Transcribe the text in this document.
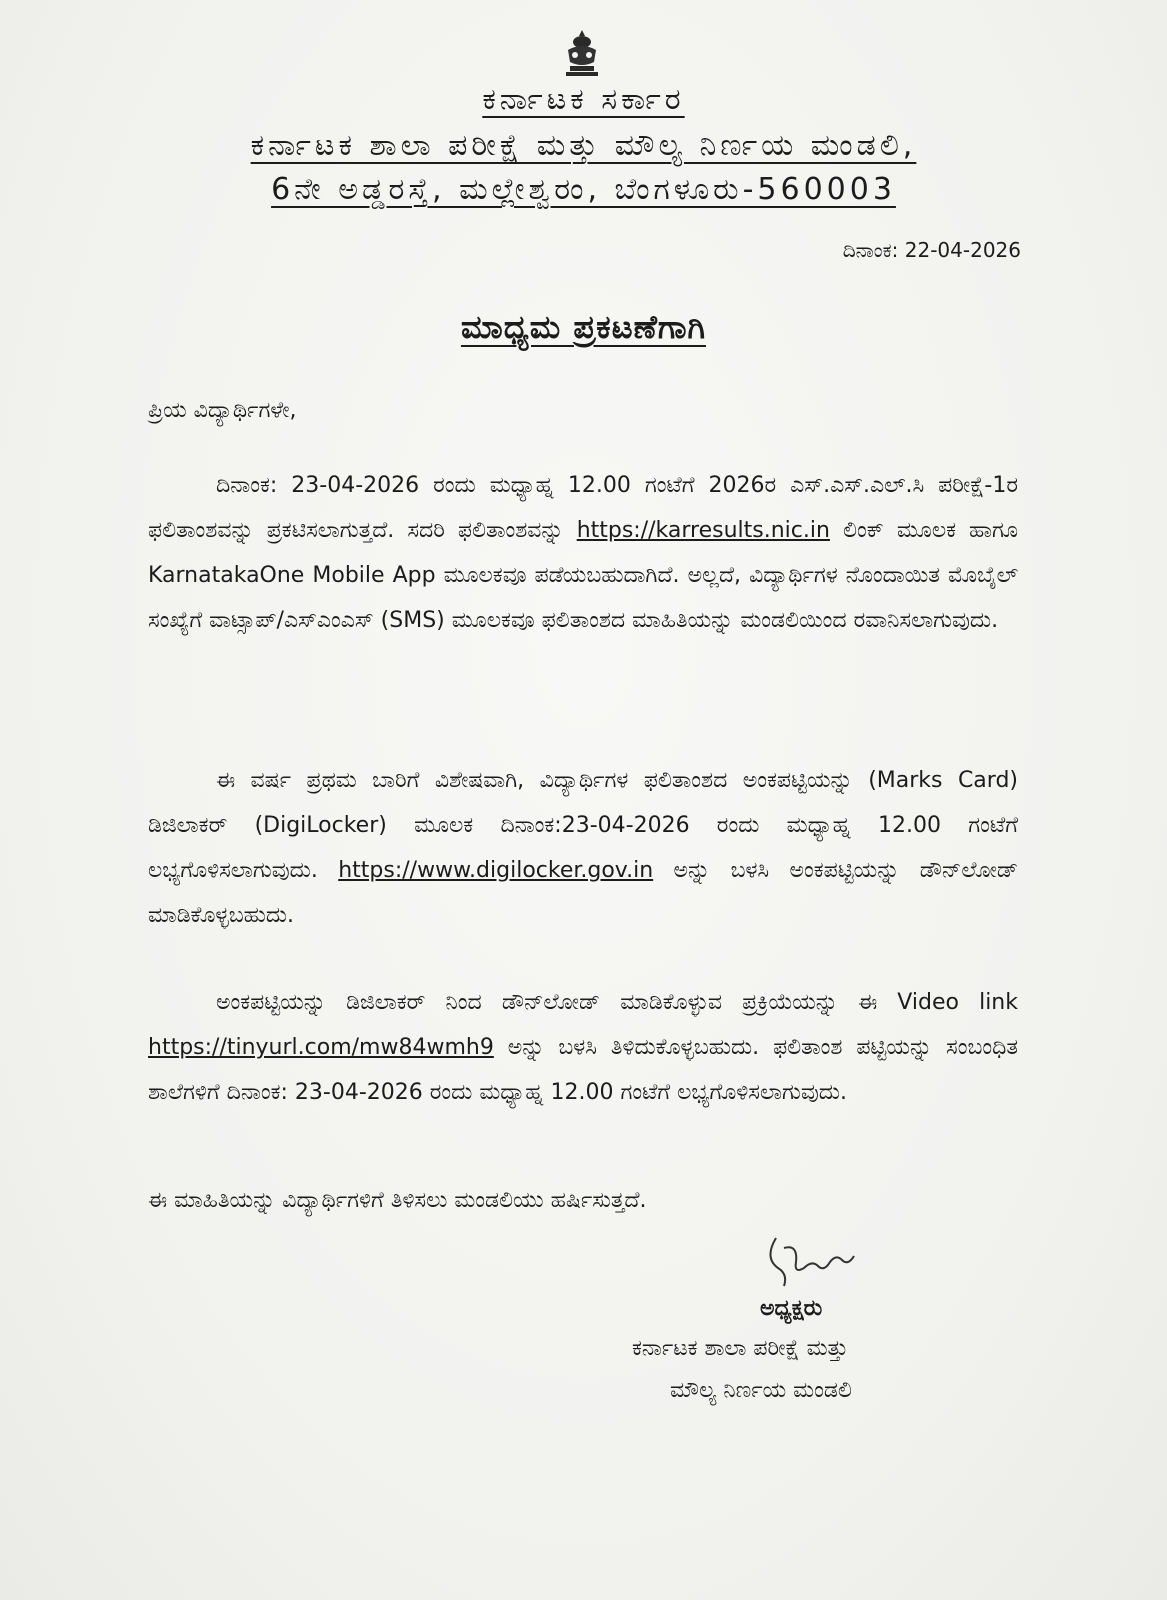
ಕರ್ನಾಟಕ ಸರ್ಕಾರ
ಕರ್ನಾಟಕ ಶಾಲಾ ಪರೀಕ್ಷೆ ಮತ್ತು ಮೌಲ್ಯ ನಿರ್ಣಯ ಮಂಡಲಿ,
6ನೇ ಅಡ್ಡರಸ್ತೆ, ಮಲ್ಲೇಶ್ವರಂ, ಬೆಂಗಳೂರು-560003
ದಿನಾಂಕ: 22-04-2026
ಮಾಧ್ಯಮ ಪ್ರಕಟಣೆಗಾಗಿ
ಪ್ರಿಯ ವಿದ್ಯಾರ್ಥಿಗಳೇ,

ದಿನಾಂಕ: 23-04-2026 ರಂದು ಮಧ್ಯಾಹ್ನ 12.00 ಗಂಟೆಗೆ 2026ರ ಎಸ್.ಎಸ್.ಎಲ್.ಸಿ ಪರೀಕ್ಷೆ-1ರ ಫಲಿತಾಂಶವನ್ನು ಪ್ರಕಟಿಸಲಾಗುತ್ತದೆ. ಸದರಿ ಫಲಿತಾಂಶವನ್ನು https://karresults.nic.in ಲಿಂಕ್ ಮೂಲಕ ಹಾಗೂ KarnatakaOne Mobile App ಮೂಲಕವೂ ಪಡೆಯಬಹುದಾಗಿದೆ. ಅಲ್ಲದೆ, ವಿದ್ಯಾರ್ಥಿಗಳ ನೊಂದಾಯಿತ ಮೊಬೈಲ್ ಸಂಖ್ಯೆಗೆ ವಾಟ್ಸಾಪ್/ಎಸ್‌ಎಂಎಸ್ (SMS) ಮೂಲಕವೂ ಫಲಿತಾಂಶದ ಮಾಹಿತಿಯನ್ನು ಮಂಡಲಿಯಿಂದ ರವಾನಿಸಲಾಗುವುದು.

ಈ ವರ್ಷ ಪ್ರಥಮ ಬಾರಿಗೆ ವಿಶೇಷವಾಗಿ, ವಿದ್ಯಾರ್ಥಿಗಳ ಫಲಿತಾಂಶದ ಅಂಕಪಟ್ಟಿಯನ್ನು (Marks Card) ಡಿಜಿಲಾಕರ್ (DigiLocker) ಮೂಲಕ ದಿನಾಂಕ:23-04-2026 ರಂದು ಮಧ್ಯಾಹ್ನ 12.00 ಗಂಟೆಗೆ ಲಭ್ಯಗೊಳಿಸಲಾಗುವುದು. https://www.digilocker.gov.in ಅನ್ನು ಬಳಸಿ ಅಂಕಪಟ್ಟಿಯನ್ನು ಡೌನ್‌ಲೋಡ್ ಮಾಡಿಕೊಳ್ಳಬಹುದು.

ಅಂಕಪಟ್ಟಿಯನ್ನು ಡಿಜಿಲಾಕರ್ ನಿಂದ ಡೌನ್‌ಲೋಡ್ ಮಾಡಿಕೊಳ್ಳುವ ಪ್ರಕ್ರಿಯೆಯನ್ನು ಈ Video link https://tinyurl.com/mw84wmh9 ಅನ್ನು ಬಳಸಿ ತಿಳಿದುಕೊಳ್ಳಬಹುದು. ಫಲಿತಾಂಶ ಪಟ್ಟಿಯನ್ನು ಸಂಬಂಧಿತ ಶಾಲೆಗಳಿಗೆ ದಿನಾಂಕ: 23-04-2026 ರಂದು ಮಧ್ಯಾಹ್ನ 12.00 ಗಂಟೆಗೆ ಲಭ್ಯಗೊಳಿಸಲಾಗುವುದು.

ಈ ಮಾಹಿತಿಯನ್ನು ವಿದ್ಯಾರ್ಥಿಗಳಿಗೆ ತಿಳಿಸಲು ಮಂಡಲಿಯು ಹರ್ಷಿಸುತ್ತದೆ.
ಅಧ್ಯಕ್ಷರು
ಕರ್ನಾಟಕ ಶಾಲಾ ಪರೀಕ್ಷೆ ಮತ್ತು
ಮೌಲ್ಯ ನಿರ್ಣಯ ಮಂಡಲಿ
